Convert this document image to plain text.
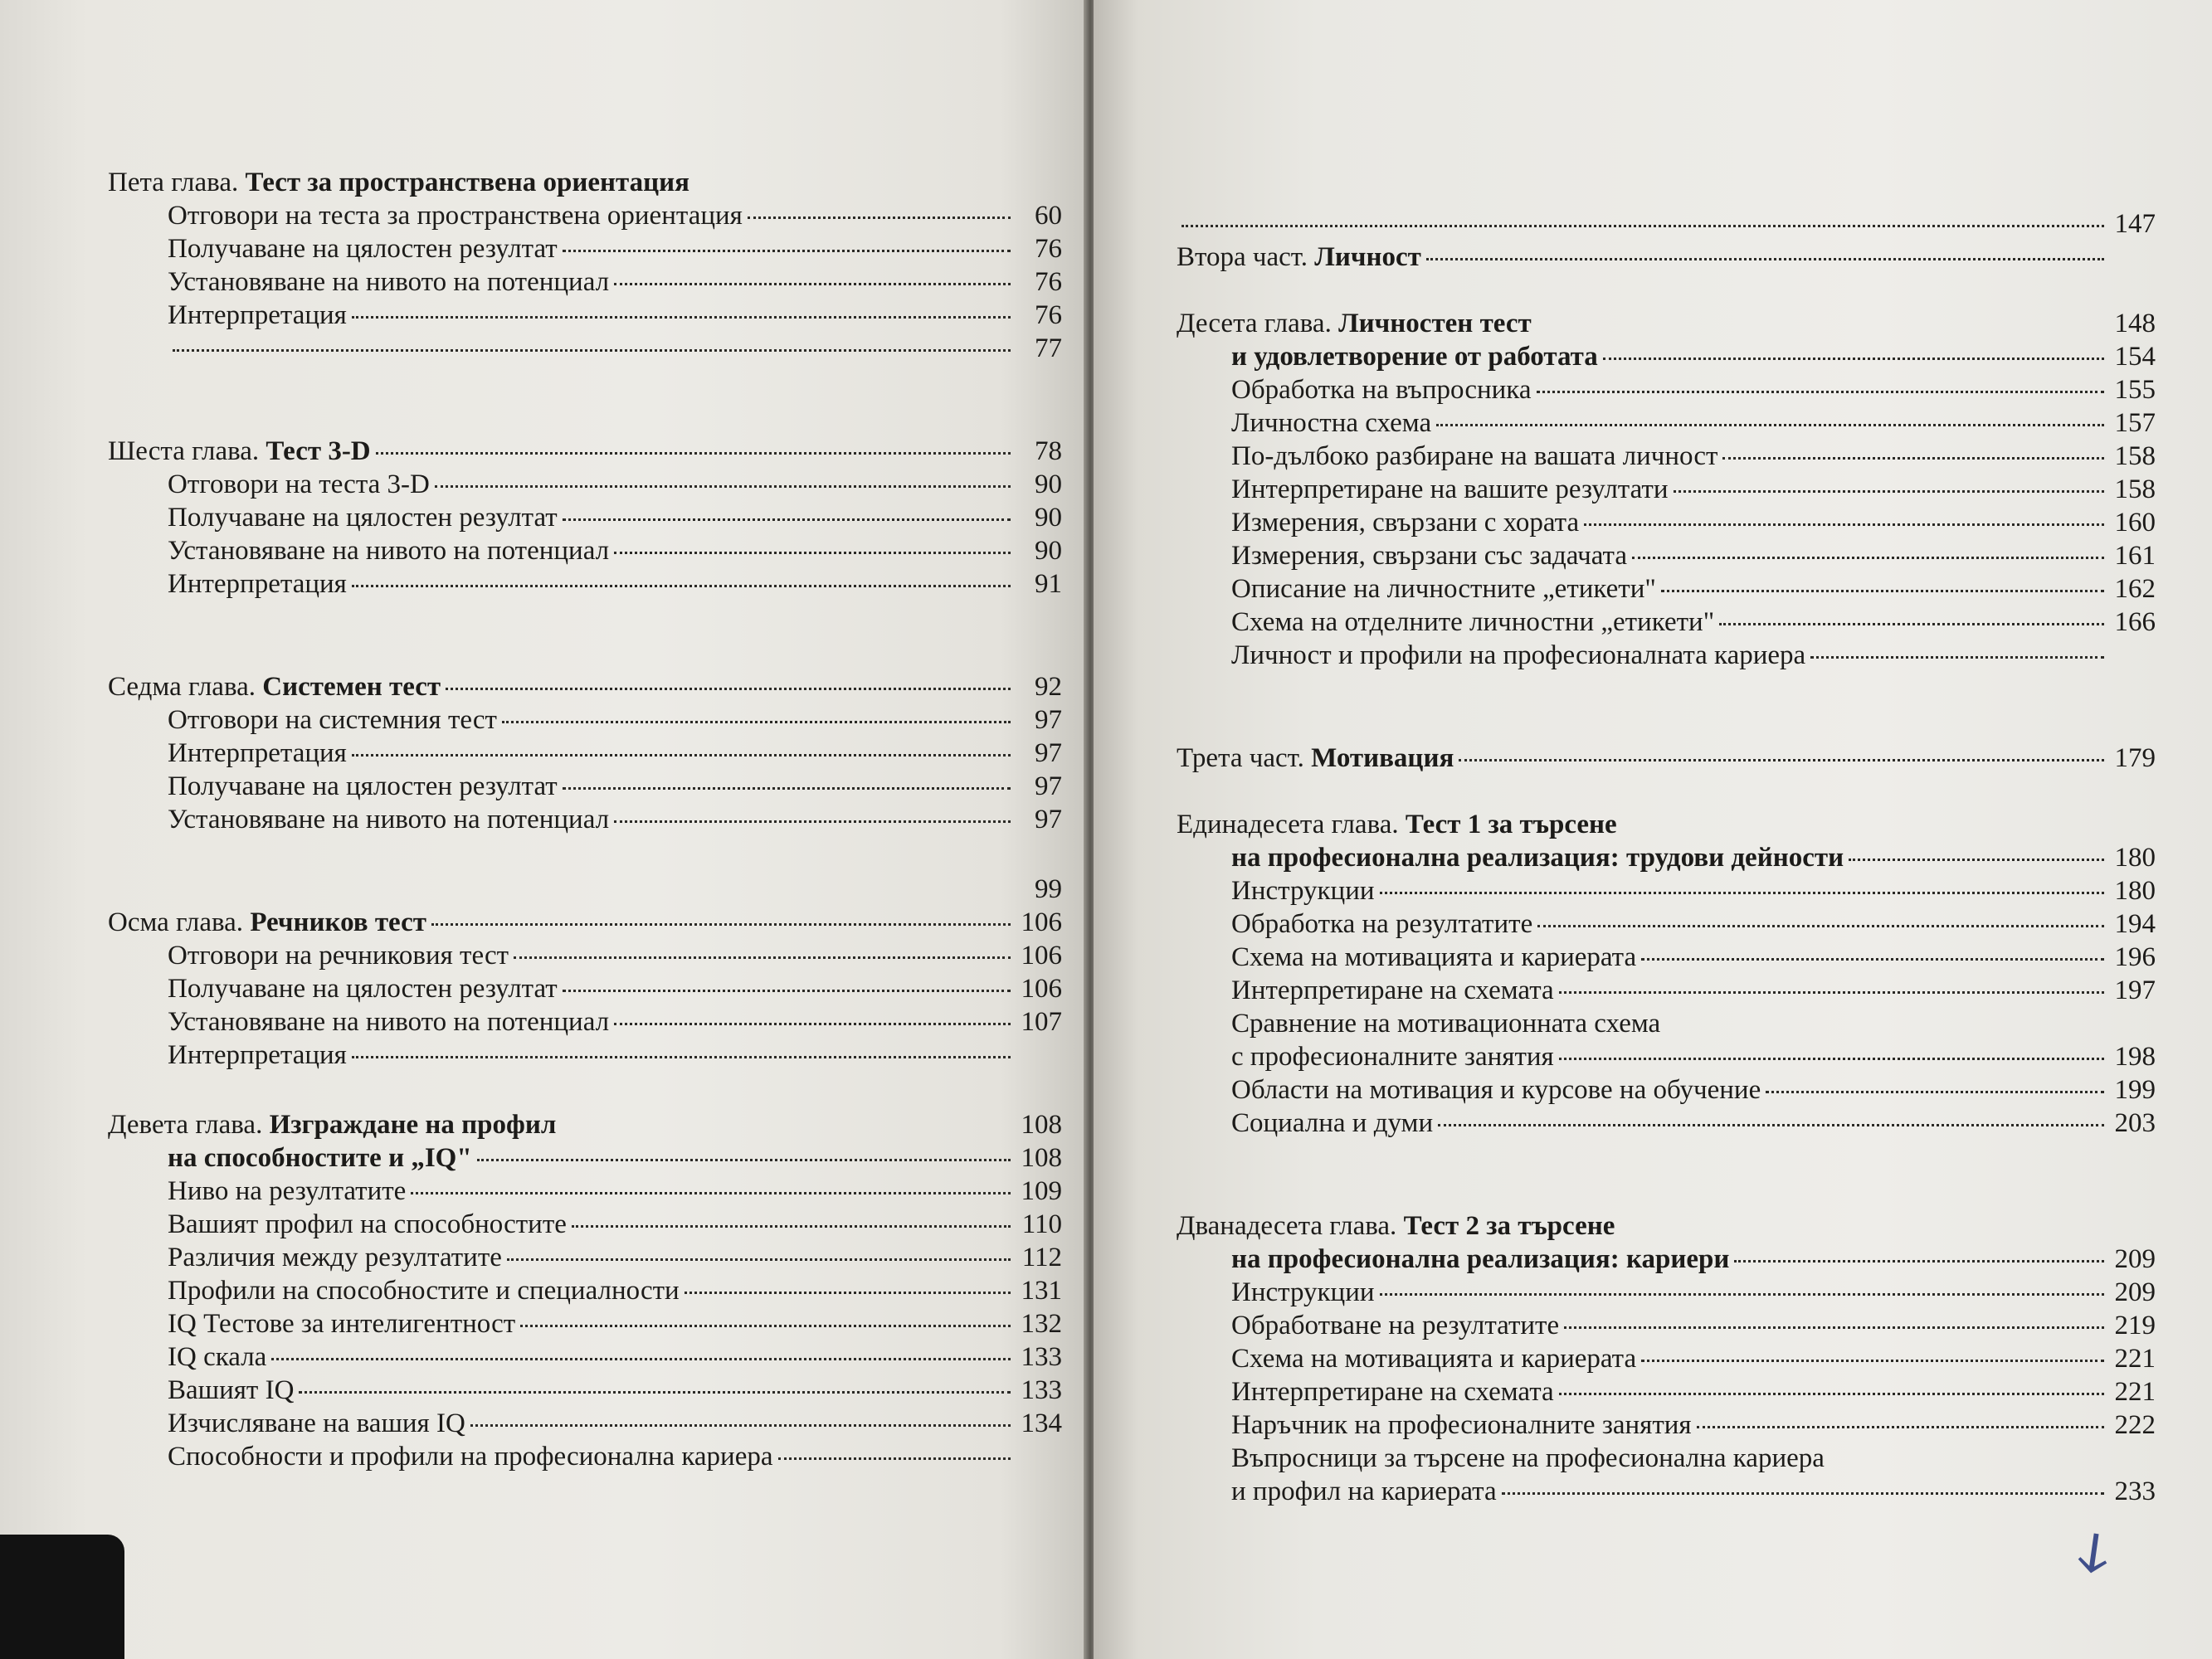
Пета глава. Тест за пространствена ориентация
Отговори на теста за пространствена ориентация	60
Получаване на цялостен резултат	76
Установяване на нивото на потенциал	76
Интерпретация	76
77
Шеста глава. Тест 3-D	78
Отговори на теста 3-D	90
Получаване на цялостен резултат	90
Установяване на нивото на потенциал	90
Интерпретация	91
Седма глава. Системен тест	92
Отговори на системния тест	97
Интерпретация	97
Получаване на цялостен резултат	97
Установяване на нивото на потенциал	97
99
Осма глава. Речников тест	106
Отговори на речниковия тест	106
Получаване на цялостен резултат	106
Установяване на нивото на потенциал	107
Интерпретация
Девета глава. Изграждане на профил	108
на способностите и „IQ"	108
Ниво на резултатите	109
Вашият профил на способностите	110
Различия между резултатите	112
Профили на способностите и специалности	131
IQ Тестове за интелигентност	132
IQ скала	133
Вашият IQ	133
Изчисляване на вашия IQ	134
Способности и профили на професионална кариера
147
Втора част. Личност
Десета глава. Личностен тест	148
и удовлетворение от работата	154
Обработка на въпросника	155
Личностна схема	157
По-дълбоко разбиране на вашата личност	158
Интерпретиране на вашите резултати	158
Измерения, свързани с хората	160
Измерения, свързани със задачата	161
Описание на личностните „етикети"	162
Схема на отделните личностни „етикети"	166
Личност и профили на професионалната кариера
Трета част. Мотивация	179
Единадесета глава. Тест 1 за търсене
на професионална реализация: трудови дейности	180
Инструкции	180
Обработка на резултатите	194
Схема на мотивацията и кариерата	196
Интерпретиране на схемата	197
Сравнение на мотивационната схема
с професионалните занятия	198
Области на мотивация и курсове на обучение	199
Социална и думи	203
Дванадесета глава. Тест 2 за търсене
на професионална реализация: кариери	209
Инструкции	209
Обработване на резултатите	219
Схема на мотивацията и кариерата	221
Интерпретиране на схемата	221
Наръчник на професионалните занятия	222
Въпросници за търсене на професионална кариера
и профил на кариерата	233
ↆ
